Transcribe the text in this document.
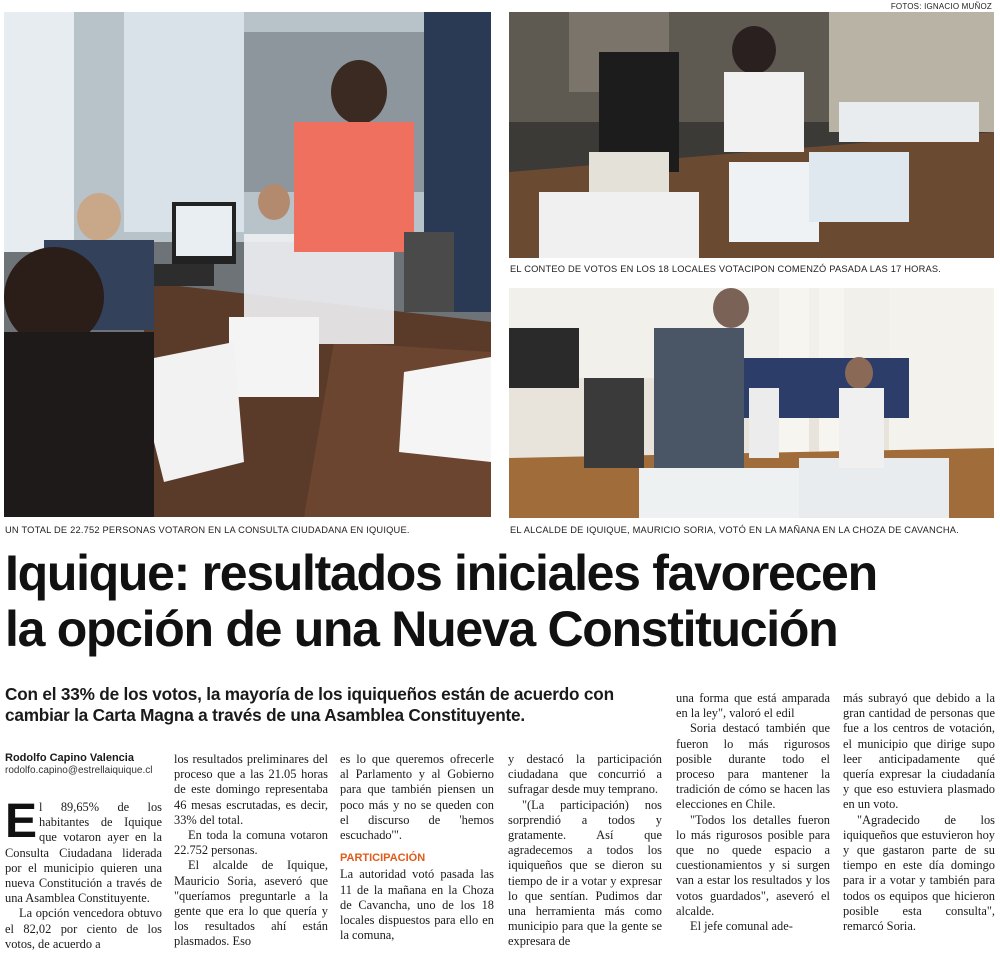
FOTOS: IGNACIO MUÑOZ
UN TOTAL DE 22.752 PERSONAS VOTARON EN LA CONSULTA CIUDADANA EN IQUIQUE.
EL CONTEO DE VOTOS EN LOS 18 LOCALES VOTACIPON COMENZÓ PASADA LAS 17 HORAS.
EL ALCALDE DE IQUIQUE, MAURICIO SORIA, VOTÓ EN LA MAÑANA EN LA CHOZA DE CAVANCHA.
Iquique: resultados iniciales favorecen
la opción de una Nueva Constitución
Con el 33% de los votos, la mayoría de los iquiqueños están de acuerdo con cambiar la Carta Magna a través de una Asamblea Constituyente.
Rodolfo Capino Valencia
rodolfo.capino@estrellaiquique.cl

El 89,65% de los habitantes de Iquique que votaron ayer en la Consulta Ciudadana liderada por el municipio quieren una nueva Constitución a través de una Asamblea Constituyente.

La opción vencedora obtuvo el 82,02 por ciento de los votos, de acuerdo a

los resultados preliminares del proceso que a las 21.05 horas de este domingo representaba 46 mesas escrutadas, es decir, 33% del total.

En toda la comuna votaron 22.752 personas.

El alcalde de Iquique, Mauricio Soria, aseveró que "queríamos preguntarle a la gente que era lo que quería y los resultados ahí están plasmados. Eso

es lo que queremos ofrecerle al Parlamento y al Gobierno para que también piensen un poco más y no se queden con el discurso de 'hemos escuchado'".

PARTICIPACIÓN

La autoridad votó pasada las 11 de la mañana en la Choza de Cavancha, uno de los 18 locales dispuestos para ello en la comuna,

y destacó la participación ciudadana que concurrió a sufragar desde muy temprano.

"(La participación) nos sorprendió a todos y gratamente. Así que agradecemos a todos los iquiqueños que se dieron su tiempo de ir a votar y expresar lo que sentían. Pudimos dar una herramienta más como municipio para que la gente se expresara de

una forma que está amparada en la ley", valoró el edil

Soria destacó también que fueron lo más rigurosos posible durante todo el proceso para mantener la tradición de cómo se hacen las elecciones en Chile.

"Todos los detalles fueron lo más rigurosos posible para que no quede espacio a cuestionamientos y si surgen van a estar los resultados y los votos guardados", aseveró el alcalde.

El jefe comunal ade-

más subrayó que debido a la gran cantidad de personas que fue a los centros de votación, el municipio que dirige supo leer anticipadamente qué quería expresar la ciudadanía y que eso estuviera plasmado en un voto.

"Agradecido de los iquiqueños que estuvieron hoy y que gastaron parte de su tiempo en este día domingo para ir a votar y también para todos os equipos que hicieron posible esta consulta", remarcó Soria.
